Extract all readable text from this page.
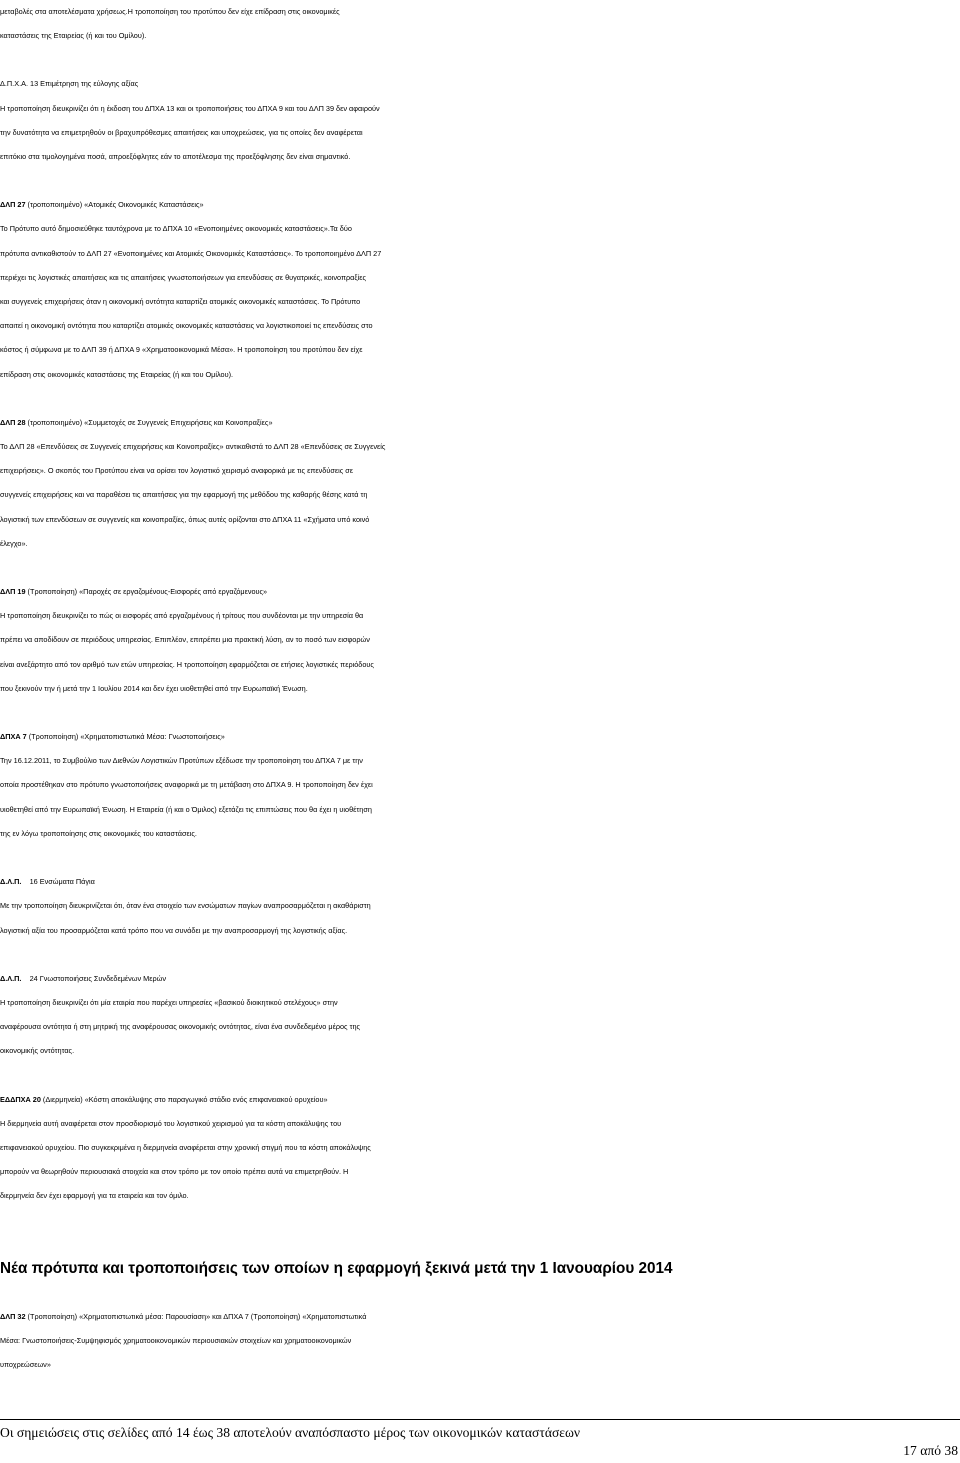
μεταβολές στα αποτελέσματα χρήσεως.Η τροποποίηση του προτύπου δεν είχε επίδραση στις οικονομικές
καταστάσεις της Εταιρείας (ή και του Ομίλου).

Δ.Π.Χ.Α. 13 Επιμέτρηση της εύλογης αξίας
Η τροποποίηση διευκρινίζει ότι η έκδοση του ΔΠΧΑ 13 και οι τροποποιήσεις του ΔΠΧΑ 9 και του ΔΛΠ 39 δεν αφαιρούν
την δυνατότητα να επιμετρηθούν οι βραχυπρόθεσμες απαιτήσεις και υποχρεώσεις, για τις οποίες δεν αναφέρεται
επιτόκιο στα τιμολογημένα ποσά, απροεξόφλητες εάν το αποτέλεσμα της προεξόφλησης δεν είναι σημαντικό.

ΔΛΠ 27 (τροποποιημένο) «Ατομικές Οικονομικές Καταστάσεις»
Το Πρότυπο αυτό δημοσιεύθηκε ταυτόχρονα με το ΔΠΧΑ 10 «Ενοποιημένες οικονομικές καταστάσεις».Τα δύο
πρότυπα αντικαθιστούν το ΔΛΠ 27 «Ενοποιημένες και Ατομικές Οικονομικές Καταστάσεις». Το τροποποιημένο ΔΛΠ 27
περιέχει τις λογιστικές απαιτήσεις και τις απαιτήσεις γνωστοποιήσεων για επενδύσεις σε θυγατρικές, κοινοπραξίες
και συγγενείς επιχειρήσεις όταν η οικονομική οντότητα καταρτίζει ατομικές οικονομικές καταστάσεις. Το Πρότυπο
απαιτεί η οικονομική οντότητα που καταρτίζει ατομικές οικονομικές καταστάσεις να λογιστικοποιεί τις επενδύσεις στο
κόστος ή σύμφωνα με το ΔΛΠ 39 ή ΔΠΧΑ 9 «Χρηματοοικονομικά Μέσα». Η τροποποίηση του προτύπου δεν είχε
επίδραση στις οικονομικές καταστάσεις της Εταιρείας (ή και του Ομίλου).

ΔΛΠ 28 (τροποποιημένο) «Συμμετοχές σε Συγγενείς Επιχειρήσεις και Κοινοπραξίες»
Το ΔΛΠ 28 «Επενδύσεις σε Συγγενείς επιχειρήσεις και Κοινοπραξίες» αντικαθιστά το ΔΛΠ 28 «Επενδύσεις σε Συγγενείς
επιχειρήσεις». Ο σκοπός του Προτύπου είναι να ορίσει τον λογιστικό χειρισμό αναφορικά με τις επενδύσεις σε
συγγενείς επιχειρήσεις και να παραθέσει τις απαιτήσεις για την εφαρμογή της μεθόδου της καθαρής θέσης κατά τη
λογιστική των επενδύσεων σε συγγενείς και κοινοπραξίες, όπως αυτές ορίζονται στο ΔΠΧΑ 11 «Σχήματα υπό κοινό
έλεγχο».

ΔΛΠ 19 (Τροποποίηση) «Παροχές σε εργαζομένους-Εισφορές από εργαζόμενους»
Η τροποποίηση διευκρινίζει το πώς οι εισφορές από εργαζομένους ή τρίτους που συνδέονται με την υπηρεσία θα
πρέπει να αποδίδουν σε περιόδους υπηρεσίας. Επιπλέον, επιτρέπει μια πρακτική λύση, αν το ποσό των εισφορών
είναι ανεξάρτητο από τον αριθμό των ετών υπηρεσίας. Η τροποποίηση εφαρμόζεται σε ετήσιες λογιστικές περιόδους
που ξεκινούν την ή μετά την 1 Ιουλίου 2014 και δεν έχει υιοθετηθεί από την Ευρωπαϊκή Ένωση.

ΔΠΧΑ 7 (Τροποποίηση) «Χρηματοπιστωτικά Μέσα: Γνωστοποιήσεις»
Την 16.12.2011, το Συμβούλιο των Διεθνών Λογιστικών Προτύπων εξέδωσε την τροποποίηση του ΔΠΧΑ 7 με την
οποία προστέθηκαν στο πρότυπο γνωστοποιήσεις αναφορικά με τη μετάβαση στο ΔΠΧΑ 9. Η τροποποίηση δεν έχει
υιοθετηθεί από την Ευρωπαϊκή Ένωση. Η Εταιρεία (ή και ο Όμιλος) εξετάζει τις επιπτώσεις που θα έχει η υιοθέτηση
της εν λόγω τροποποίησης στις οικονομικές του καταστάσεις.

Δ.Λ.Π.    16 Ενσώματα Πάγια
Με την τροποποίηση διευκρινίζεται ότι, όταν ένα στοιχείο των ενσώματων παγίων αναπροσαρμόζεται η ακαθάριστη
λογιστική αξία του προσαρμόζεται κατά τρόπο που να συνάδει με την αναπροσαρμογή της λογιστικής αξίας.

Δ.Λ.Π.    24 Γνωστοποιήσεις Συνδεδεμένων Μερών
Η τροποποίηση διευκρινίζει ότι μία εταιρία που παρέχει υπηρεσίες «βασικού διοικητικού στελέχους» στην
αναφέρουσα οντότητα ή στη μητρική της αναφέρουσας οικονομικής οντότητας, είναι ένα συνδεδεμένο μέρος της
οικονομικής οντότητας.

ΕΔΔΠΧΑ 20 (Διερμηνεία) «Κόστη αποκάλυψης στο παραγωγικό στάδιο ενός επιφανειακού ορυχείου»
Η διερμηνεία αυτή αναφέρεται στον προσδιορισμό του λογιστικού χειρισμού για τα κόστη αποκάλυψης του
επιφανειακού ορυχείου. Πιο συγκεκριμένα η διερμηνεία αναφέρεται στην χρονική στιγμή που τα κόστη αποκάλυψης
μπορούν να θεωρηθούν περιουσιακά στοιχεία και στον τρόπο με τον οποίο πρέπει αυτά να επιμετρηθούν. Η
διερμηνεία δεν έχει εφαρμογή για τα εταιρεία και τον όμιλο.

Νέα πρότυπα και τροποποιήσεις των οποίων η εφαρμογή ξεκινά μετά την 1 Ιανουαρίου 2014

ΔΛΠ 32 (Τροποποίηση) «Χρηματοπιστωτικά μέσα: Παρουσίαση» και ΔΠΧΑ 7 (Τροποποίηση) «Χρηματοπιστωτικά
Μέσα: Γνωστοποιήσεις-Συμψηφισμός χρηματοοικονομικών περιουσιακών στοιχείων και χρηματοοικονομικών
υποχρεώσεων»

Οι σημειώσεις στις σελίδες από 14 έως 38 αποτελούν αναπόσπαστο μέρος των οικονομικών καταστάσεων
17 από 38
